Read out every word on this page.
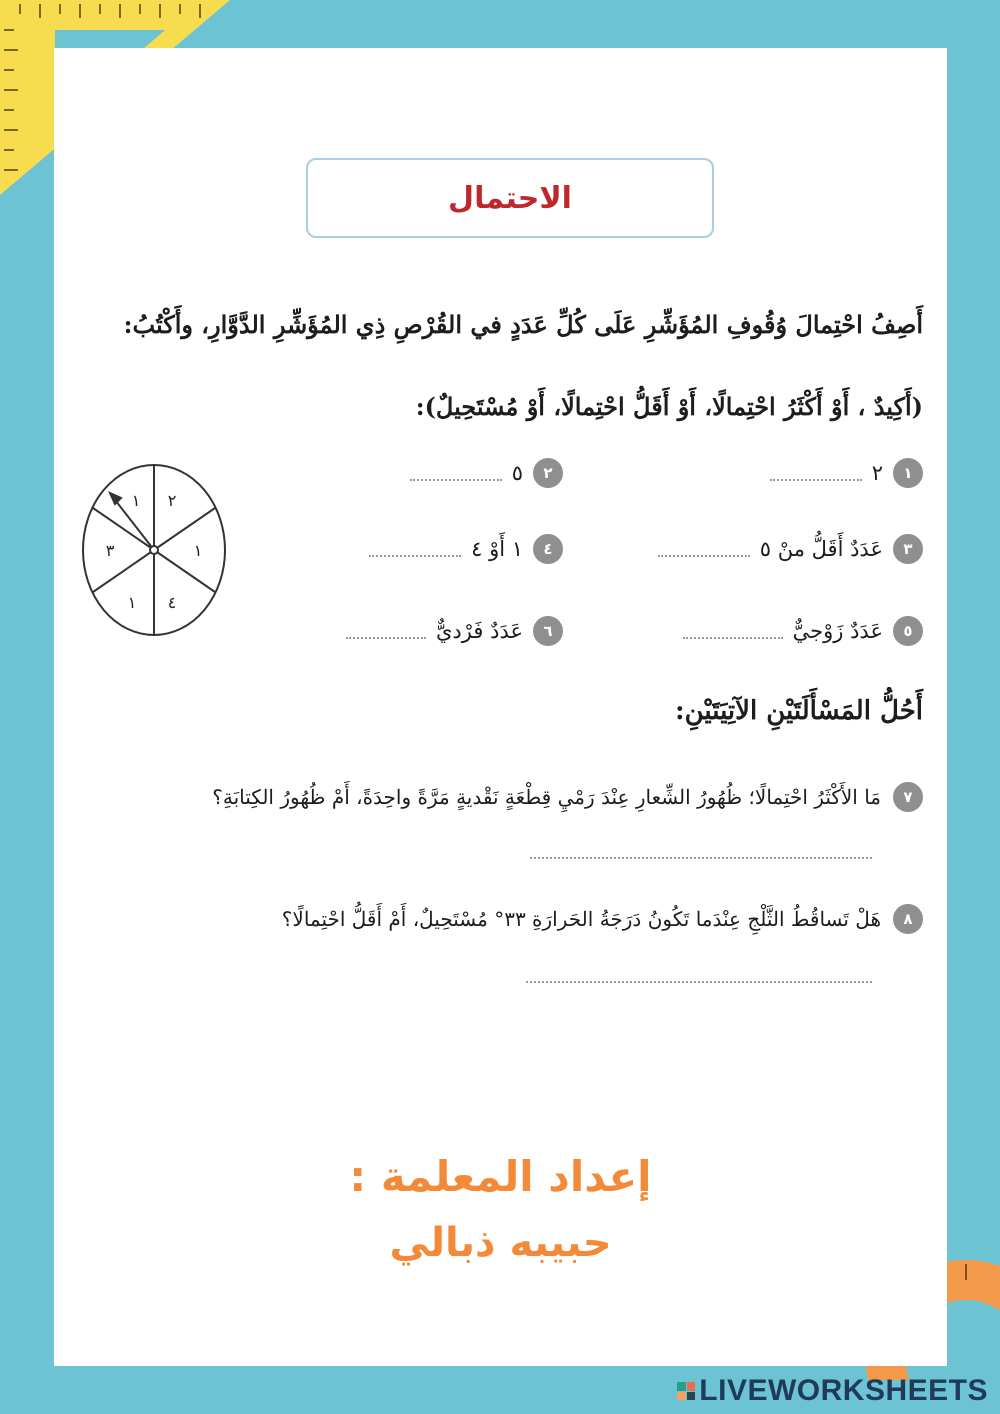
الاحتمال
أَصِفُ احْتِمالَ وُقُوفِ المُؤَشِّرِ عَلَى كُلِّ عَدَدٍ في القُرْصِ ذِي المُؤَشِّرِ الدَّوَّارِ، وأَكْتُبُ:
(أَكِيدٌ ، أَوْ أَكْثَرُ احْتِمالًا، أَوْ أَقَلُّ احْتِمالًا، أَوْ مُسْتَحِيلٌ):
١
٢
٢
٥
٣
عَدَدٌ أَقَلُّ منْ ٥
٤
١ أَوْ ٤
٥
عَدَدٌ زَوْجيٌّ
٦
عَدَدٌ فَرْديٌّ
٢
١
٤
١
٣
١
أَحُلُّ المَسْأَلَتَيْنِ الآتِيَتَيْنِ:
٧
مَا الأَكْثَرُ احْتِمالًا؛ ظُهُورُ الشِّعارِ عِنْدَ رَمْيِ قِطْعَةٍ نَقْديةٍ مَرَّةً واحِدَةً، أَمْ ظُهُورُ الكِتابَةِ؟
٨
هَلْ تَساقُطُ الثَّلْجِ عِنْدَما تَكُونُ دَرَجَةُ الحَرارَةِ ٣٣° مُسْتَحِيلٌ، أَمْ أَقَلُّ احْتِمالًا؟
إعداد المعلمة :
حبيبه ذبالي
LIVEWORKSHEETS
